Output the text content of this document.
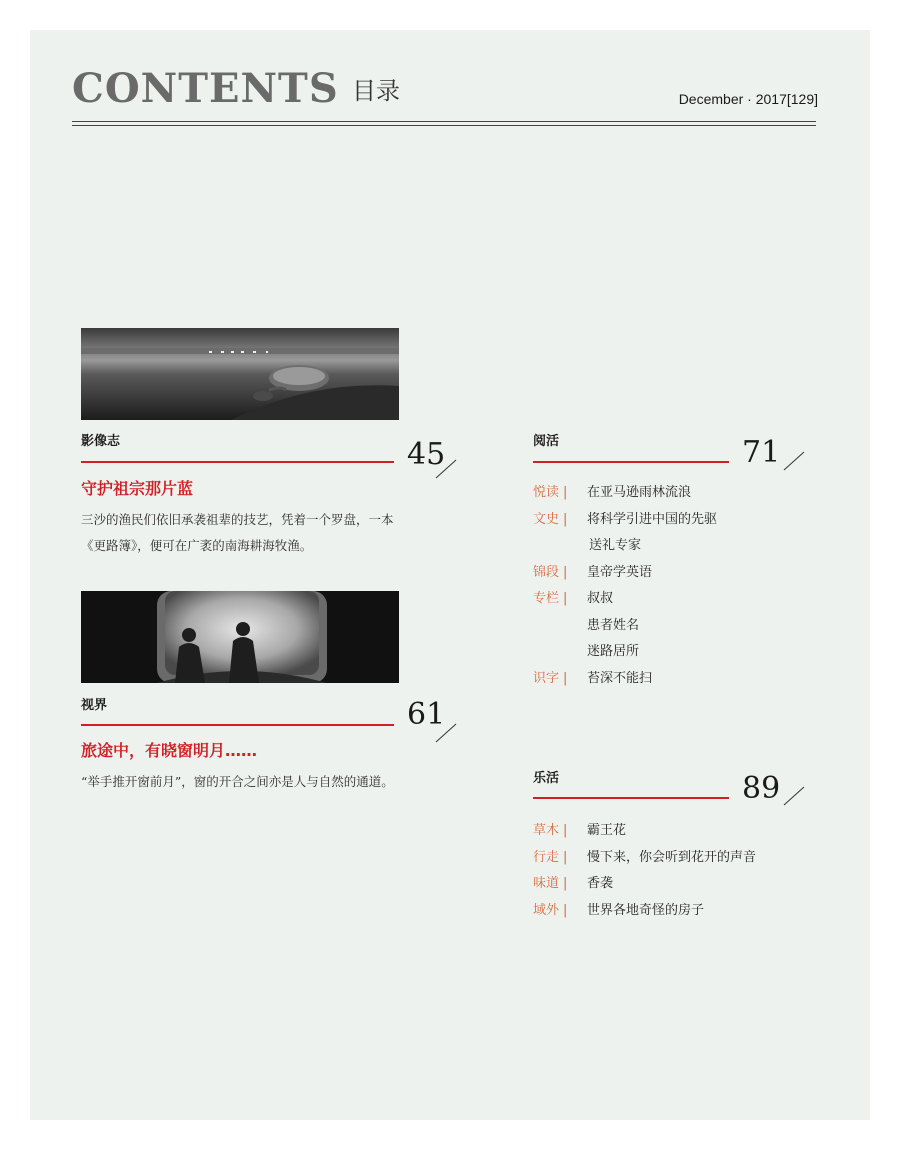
CONTENTS 目录	December · 2017[129]
影像志	45
守护祖宗那片蓝
三沙的渔民们依旧承袭祖辈的技艺，凭着一个罗盘，一本《更路簿》，便可在广袤的南海耕海牧渔。
视界	61
旅途中，有晓窗明月……
“举手推开窗前月”，窗的开合之间亦是人与自然的通道。
阅活	71
悦读 | 在亚马逊雨林流浪
文史 | 将科学引进中国的先驱
送礼专家
锦段 | 皇帝学英语
专栏 | 叔叔
患者姓名
迷路居所
识字 | 苔深不能扫
乐活	89
草木 | 霸王花
行走 | 慢下来，你会听到花开的声音
味道 | 香袭
域外 | 世界各地奇怪的房子
